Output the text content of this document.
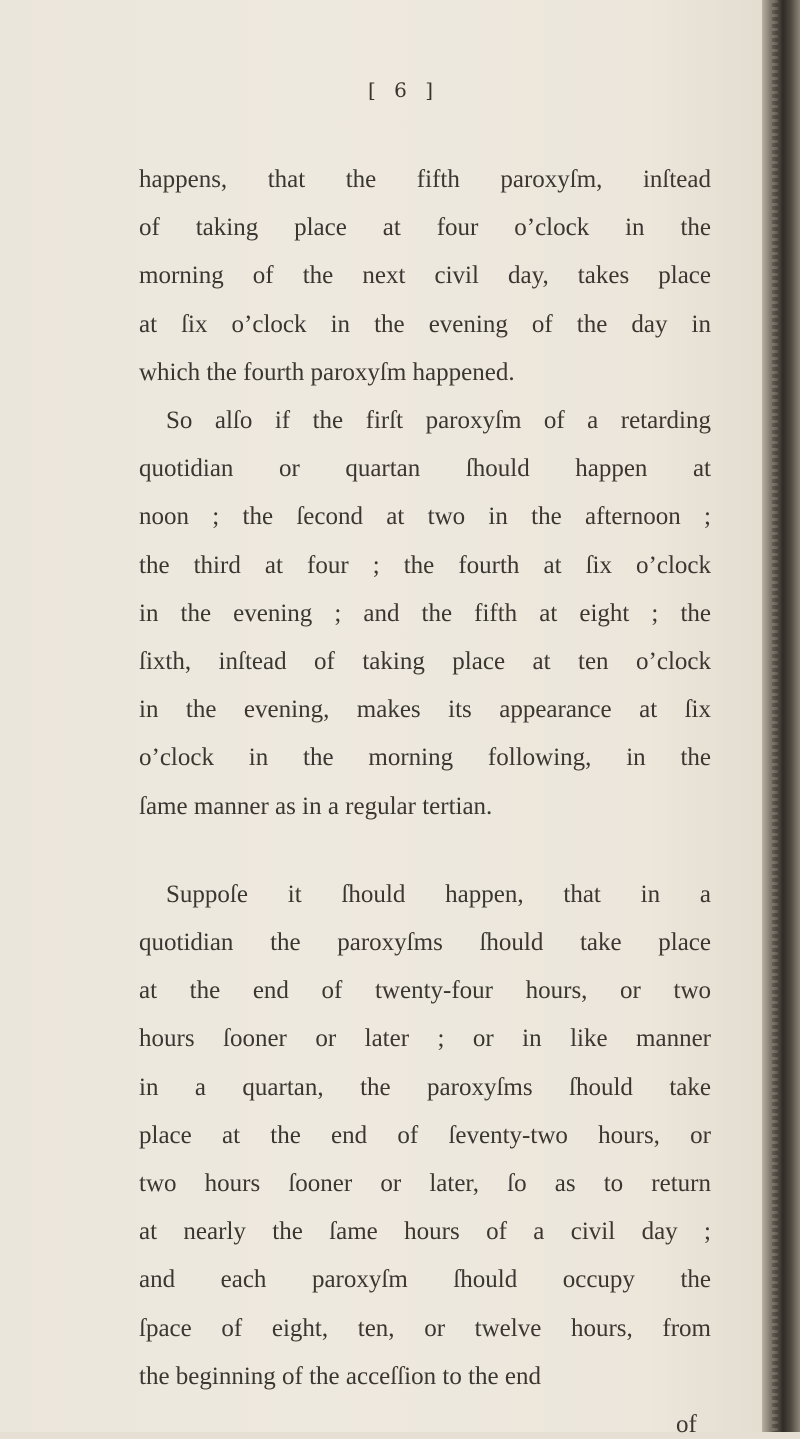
[ 6 ]
happens, that the fifth paroxyſm, inſtead
of taking place at four o’clock in the
morning of the next civil day, takes place
at ſix o’clock in the evening of the day in
which the fourth paroxyſm happened.
So alſo if the firſt paroxyſm of a retarding
quotidian or quartan ſhould happen at
noon ; the ſecond at two in the afternoon ;
the third at four ; the fourth at ſix o’clock
in the evening ; and the fifth at eight ; the
ſixth, inſtead of taking place at ten o’clock
in the evening, makes its appearance at ſix
o’clock in the morning following, in the
ſame manner as in a regular tertian.
Suppoſe it ſhould happen, that in a
quotidian the paroxyſms ſhould take place
at the end of twenty-four hours, or two
hours ſooner or later ; or in like manner
in a quartan, the paroxyſms ſhould take
place at the end of ſeventy-two hours, or
two hours ſooner or later, ſo as to return
at nearly the ſame hours of a civil day ;
and each paroxyſm ſhould occupy the
ſpace of eight, ten, or twelve hours, from
the beginning of the acceſſion to the end
of
